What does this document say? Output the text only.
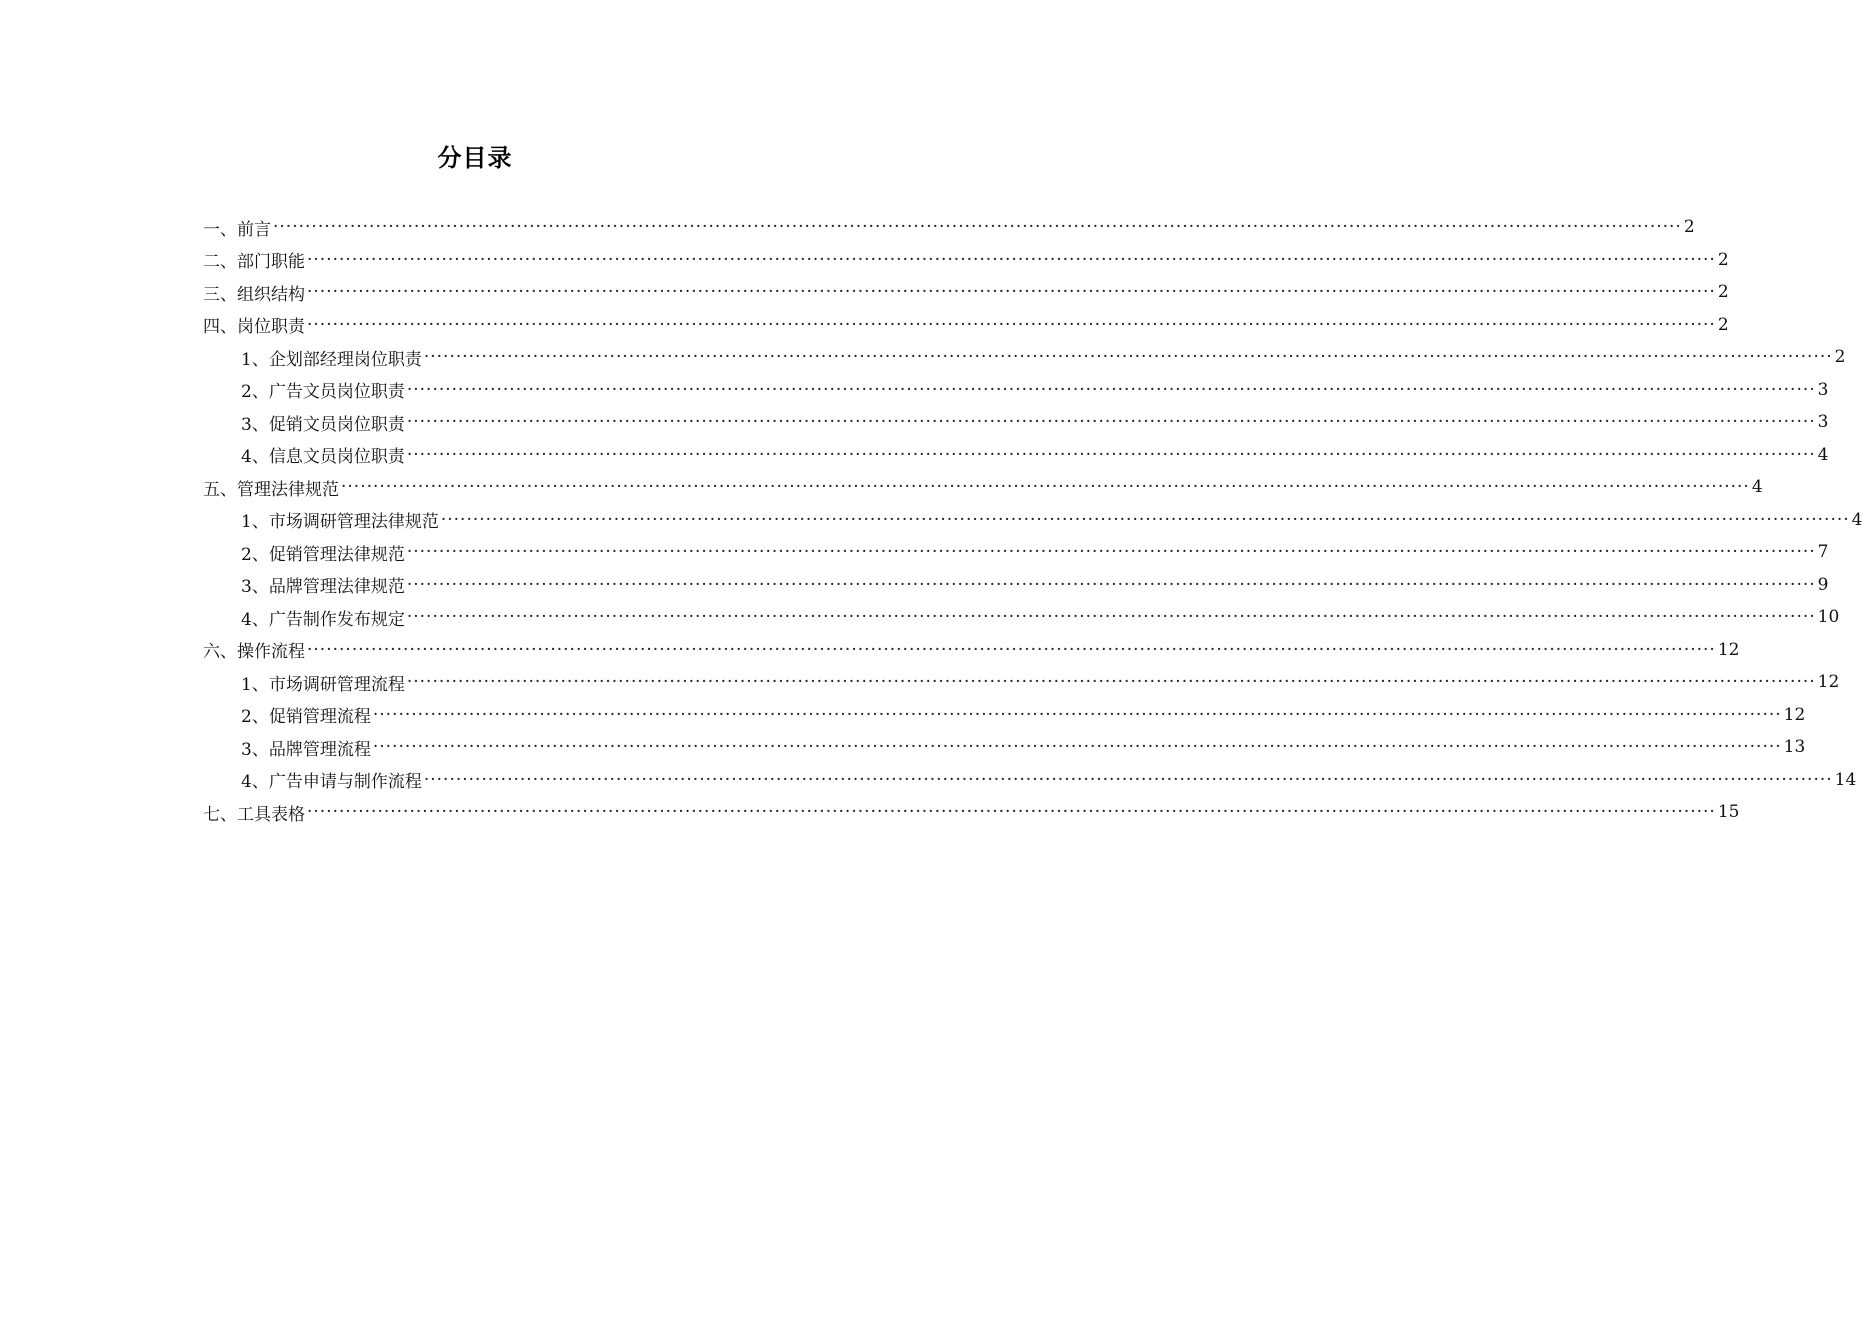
分目录
一、前言 ···························································································································································································································· 2
二、部门职能 ···························································································································································································································· 2
三、组织结构 ···························································································································································································································· 2
四、岗位职责 ···························································································································································································································· 2
1、企划部经理岗位职责 ···························································································································································································································· 2
2、广告文员岗位职责 ···························································································································································································································· 3
3、促销文员岗位职责 ···························································································································································································································· 3
4、信息文员岗位职责 ···························································································································································································································· 4
五、管理法律规范 ···························································································································································································································· 4
1、市场调研管理法律规范 ···························································································································································································································· 4
2、促销管理法律规范 ···························································································································································································································· 7
3、品牌管理法律规范 ···························································································································································································································· 9
4、广告制作发布规定 ···························································································································································································································· 10
六、操作流程 ···························································································································································································································· 12
1、市场调研管理流程 ···························································································································································································································· 12
2、促销管理流程 ···························································································································································································································· 12
3、品牌管理流程 ···························································································································································································································· 13
4、广告申请与制作流程 ···························································································································································································································· 14
七、工具表格 ···························································································································································································································· 15
